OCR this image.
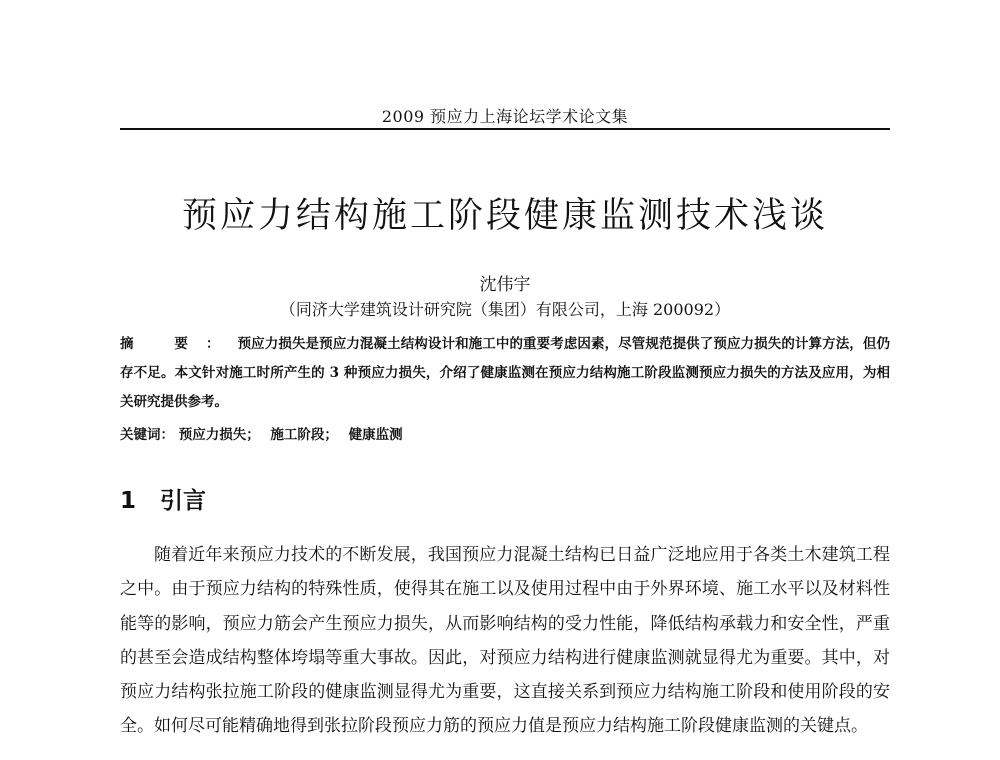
2009 预应力上海论坛学术论文集
预应力结构施工阶段健康监测技术浅谈
沈伟宇
（同济大学建筑设计研究院（集团）有限公司，上海 200092）
摘 要：预应力损失是预应力混凝土结构设计和施工中的重要考虑因素，尽管规范提供了预应力损失的计算方法，但仍存不足。本文针对施工时所产生的 3 种预应力损失，介绍了健康监测在预应力结构施工阶段监测预应力损失的方法及应用，为相关研究提供参考。
关键词： 预应力损失； 施工阶段； 健康监测
1 引言

随着近年来预应力技术的不断发展，我国预应力混凝土结构已日益广泛地应用于各类土木建筑工程之中。由于预应力结构的特殊性质，使得其在施工以及使用过程中由于外界环境、施工水平以及材料性能等的影响，预应力筋会产生预应力损失，从而影响结构的受力性能，降低结构承载力和安全性，严重的甚至会造成结构整体垮塌等重大事故。因此，对预应力结构进行健康监测就显得尤为重要。其中，对预应力结构张拉施工阶段的健康监测显得尤为重要，这直接关系到预应力结构施工阶段和使用阶段的安全。如何尽可能精确地得到张拉阶段预应力筋的预应力值是预应力结构施工阶段健康监测的关键点。
